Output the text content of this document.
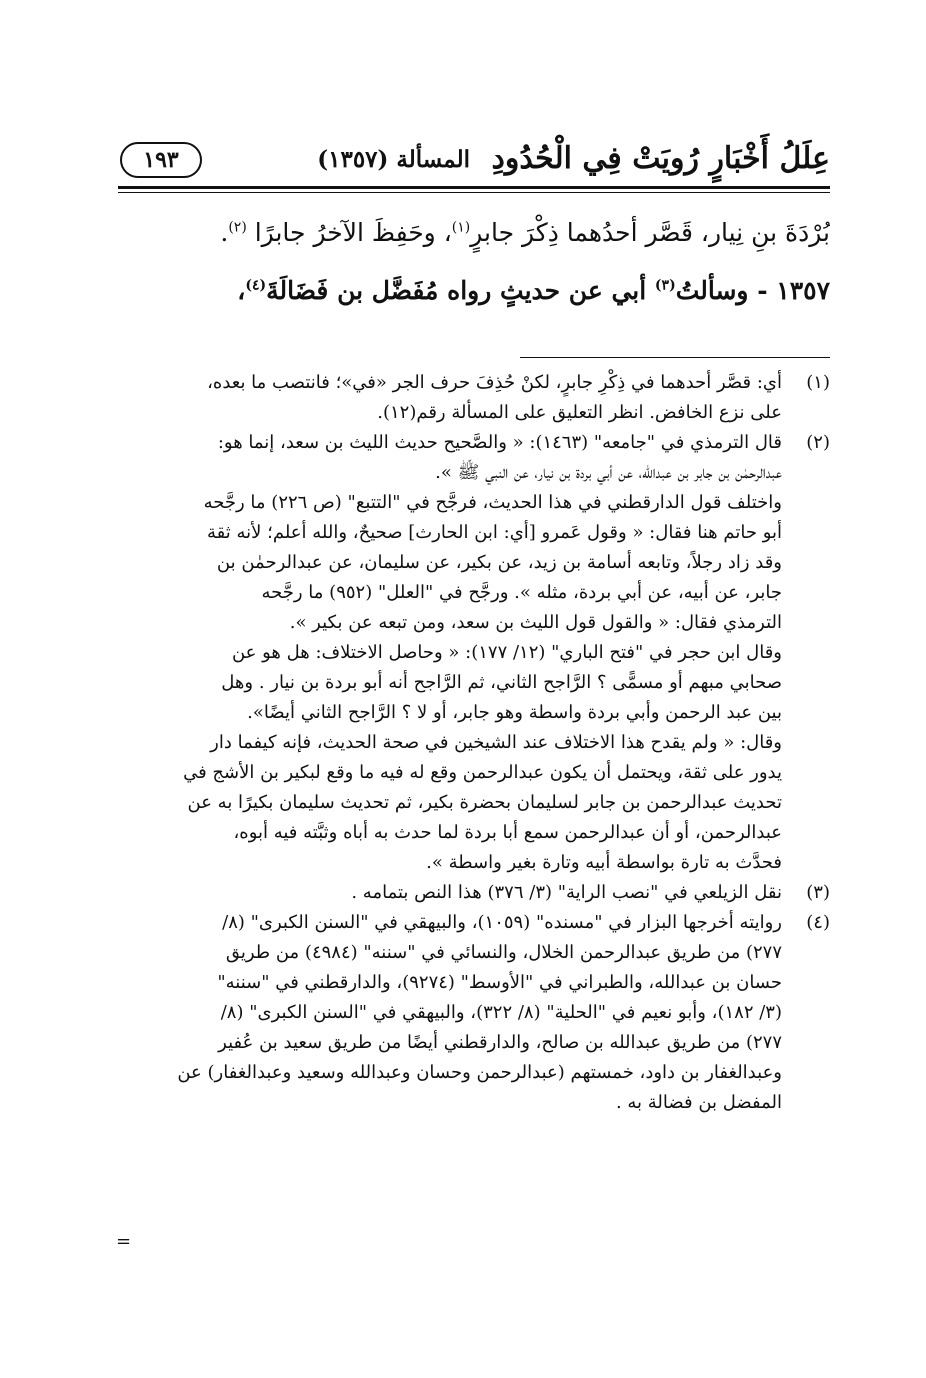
عِلَلُ أَخْبَارٍ رُويَتْ فِي الْحُدُودِ
المسألة (١٣٥٧)
١٩٣

بُرْدَةَ بنِ نِيار، قَصَّر أحدُهما ذِكْرَ جابرٍ$^{(١)}$، وحَفِظَ الآخرُ جابرًا $^{(٢)}$.

١٣٥٧ - وسألتُ$^{(٣)}$ أبي عن حديثٍ رواه مُفَضَّل بن فَضَالَةَ$^{(٤)}$،

(١)
أي: قصَّر أحدهما في ذِكْرِ جابرٍ، لكنْ حُذِفَ حرف الجر «في»؛ فانتصب ما بعده،
على نزع الخافض. انظر التعليق على المسألة رقم(١٢).
(٢)
قال الترمذي في "جامعه" (١٤٦٣): « والصَّحيح حديث الليث بن سعد، إنما هو:
عبدالرحمٰن بن جابر بن عبدالله، عن أبي بردة بن نيار، عن النبي ﷺ ».
واختلف قول الدارقطني في هذا الحديث، فرجَّح في "التتبع" (ص ٢٢٦) ما رجَّحه
أبو حاتم هنا فقال: « وقول عَمرو [أي: ابن الحارث] صحيحٌ، والله أعلم؛ لأنه ثقة
وقد زاد رجلاً، وتابعه أسامة بن زيد، عن بكير، عن سليمان، عن عبدالرحمٰن بن
جابر، عن أبيه، عن أبي بردة، مثله ». ورجَّح في "العلل" (٩٥٢) ما رجَّحه
الترمذي فقال: « والقول قول الليث بن سعد، ومن تبعه عن بكير ».
وقال ابن حجر في "فتح الباري" (١٢/ ١٧٧): « وحاصل الاختلاف: هل هو عن
صحابي مبهم أو مسمًّى ؟ الرَّاجح الثاني، ثم الرَّاجح أنه أبو بردة بن نيار . وهل
بين عبد الرحمن وأبي بردة واسطة وهو جابر، أو لا ؟ الرَّاجح الثاني أيضًا».
وقال: « ولم يقدح هذا الاختلاف عند الشيخين في صحة الحديث، فإنه كيفما دار
يدور على ثقة، ويحتمل أن يكون عبدالرحمن وقع له فيه ما وقع لبكير بن الأشج في
تحديث عبدالرحمن بن جابر لسليمان بحضرة بكير، ثم تحديث سليمان بكيرًا به عن
عبدالرحمن، أو أن عبدالرحمن سمع أبا بردة لما حدث به أباه وثبَّته فيه أبوه،
فحدَّث به تارة بواسطة أبيه وتارة بغير واسطة ».
(٣)
نقل الزيلعي في "نصب الراية" (٣/ ٣٧٦) هذا النص بتمامه .
(٤)
روايته أخرجها البزار في "مسنده" (١٠٥٩)، والبيهقي في "السنن الكبرى" (٨/
٢٧٧) من طريق عبدالرحمن الخلال، والنسائي في "سننه" (٤٩٨٤) من طريق
حسان بن عبدالله، والطبراني في "الأوسط" (٩٢٧٤)، والدارقطني في "سننه"
(٣/ ١٨٢)، وأبو نعيم في "الحلية" (٨/ ٣٢٢)، والبيهقي في "السنن الكبرى" (٨/
٢٧٧) من طريق عبدالله بن صالح، والدارقطني أيضًا من طريق سعيد بن عُفير
وعبدالغفار بن داود، خمستهم (عبدالرحمن وحسان وعبدالله وسعيد وعبدالغفار) عن
المفضل بن فضالة به .
=
